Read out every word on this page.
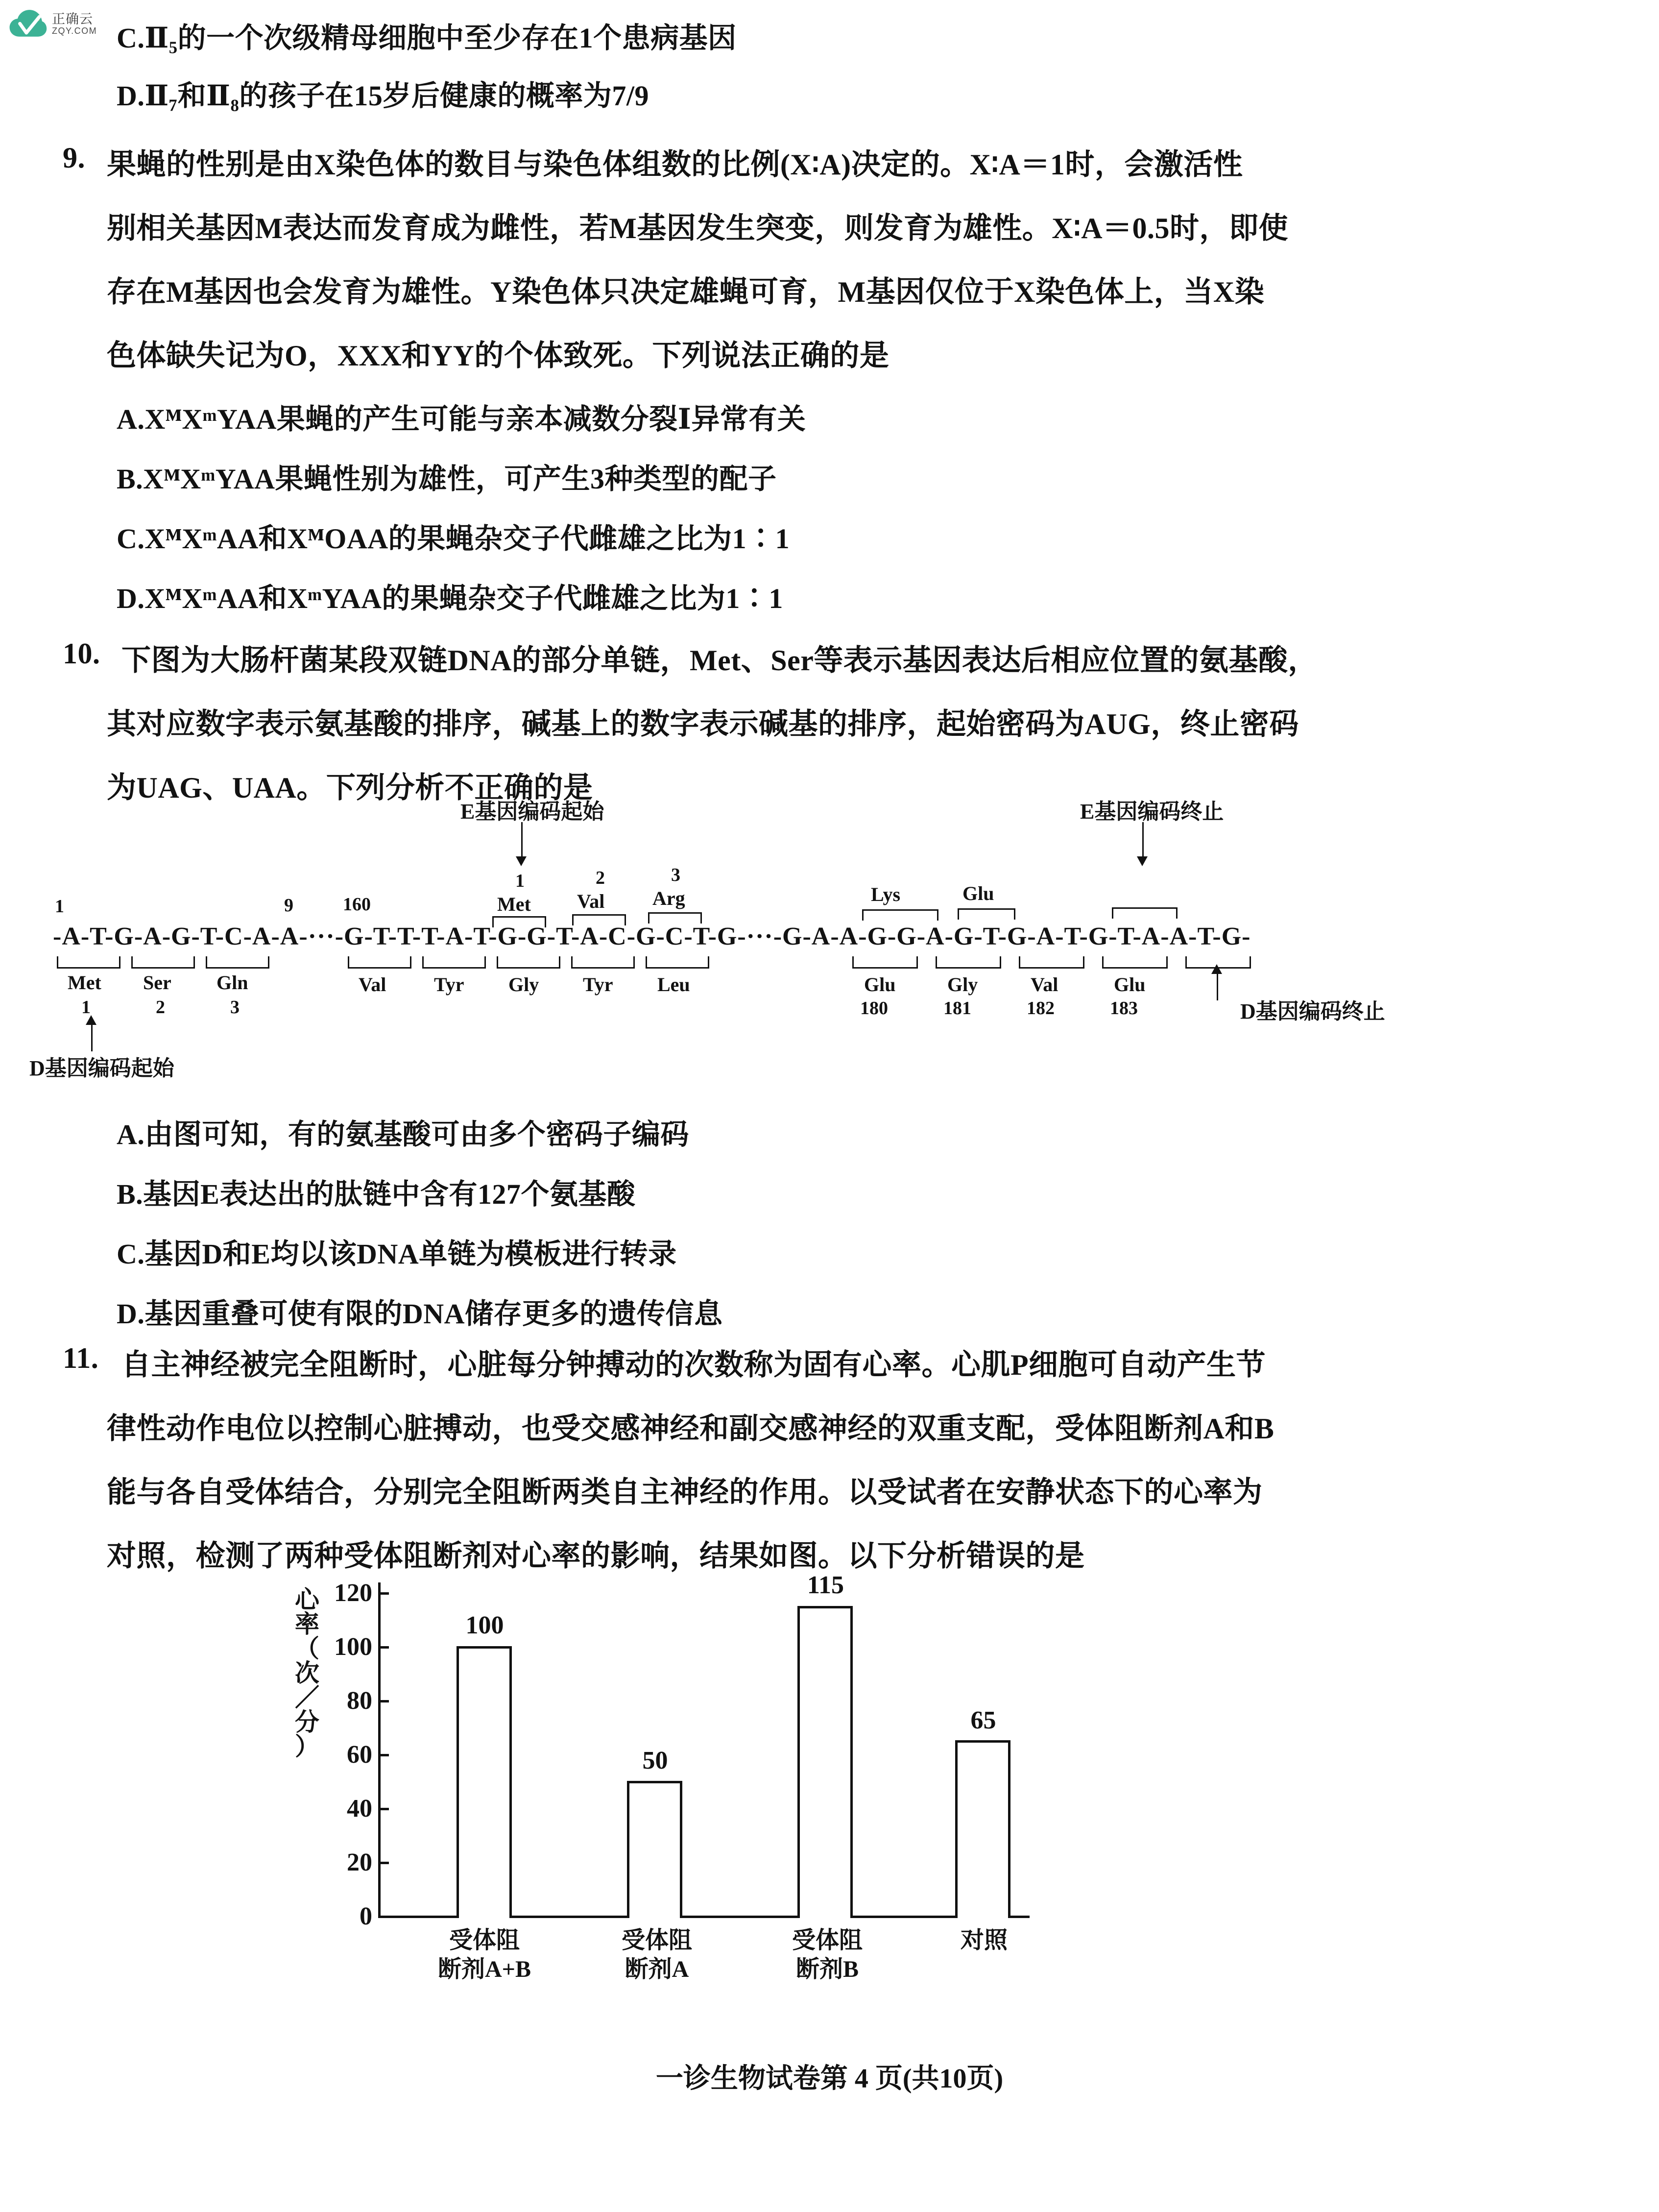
正确云
ZQY.COM C.Ⅱ₅的一个次级精母细胞中至少存在1个患病基因
D.Ⅱ₇和Ⅱ₈的孩子在15岁后健康的概率为7/9
9. 果蝇的性别是由X染色体的数目与染色体组数的比例(X∶A)决定的。X∶A＝1时，会激活性
别相关基因M表达而发育成为雌性，若M基因发生突变，则发育为雄性。X∶A＝0.5时，即使
存在M基因也会发育为雄性。Y染色体只决定雄蝇可育，M基因仅位于X染色体上，当X染
色体缺失记为O，XXX和YY的个体致死。下列说法正确的是
A.XᴹXᵐYAA果蝇的产生可能与亲本减数分裂Ⅰ异常有关
B.XᴹXᵐYAA果蝇性别为雄性，可产生3种类型的配子
C.XᴹXᵐAA和XᴹOAA的果蝇杂交子代雌雄之比为1∶1
D.XᴹXᵐAA和XᵐYAA的果蝇杂交子代雌雄之比为1∶1
10. 下图为大肠杆菌某段双链DNA的部分单链，Met、Ser等表示基因表达后相应位置的氨基酸，
其对应数字表示氨基酸的排序，碱基上的数字表示碱基的排序，起始密码为AUG，终止密码
为UAG、UAA。下列分析不正确的是
E基因编码起始	E基因编码终止
1	2	3
Met Val Arg	Lys	Glu
1	9	160
-A-T-G-A-G-T-C-A-A-···-G-T-T-T-A-T-G-G-T-A-C-G-C-T-G-···-G-A-A-G-G-A-G-T-G-A-T-G-T-A-A-T-G-
Met Ser Gln	Val Tyr Gly Tyr Leu	Glu	Gly	Val	Glu
1	2	3	180	181	182	183
D基因编码起始
D基因编码终止
A.由图可知，有的氨基酸可由多个密码子编码
B.基因E表达出的肽链中含有127个氨基酸
C.基因D和E均以该DNA单链为模板进行转录
D.基因重叠可使有限的DNA储存更多的遗传信息
11. 自主神经被完全阻断时，心脏每分钟搏动的次数称为固有心率。心肌P细胞可自动产生节
律性动作电位以控制心脏搏动，也受交感神经和副交感神经的双重支配，受体阻断剂A和B
能与各自受体结合，分别完全阻断两类自主神经的作用。以受试者在安静状态下的心率为
对照，检测了两种受体阻断剂对心率的影响，结果如图。以下分析错误的是
心
率
（
次
／
分
）
120
100
80
60
40
20
0
100
50
115
65
受体阻
断剂A+B
受体阻
断剂A
受体阻
断剂B
对照
一诊生物试卷第 4 页(共10页)
